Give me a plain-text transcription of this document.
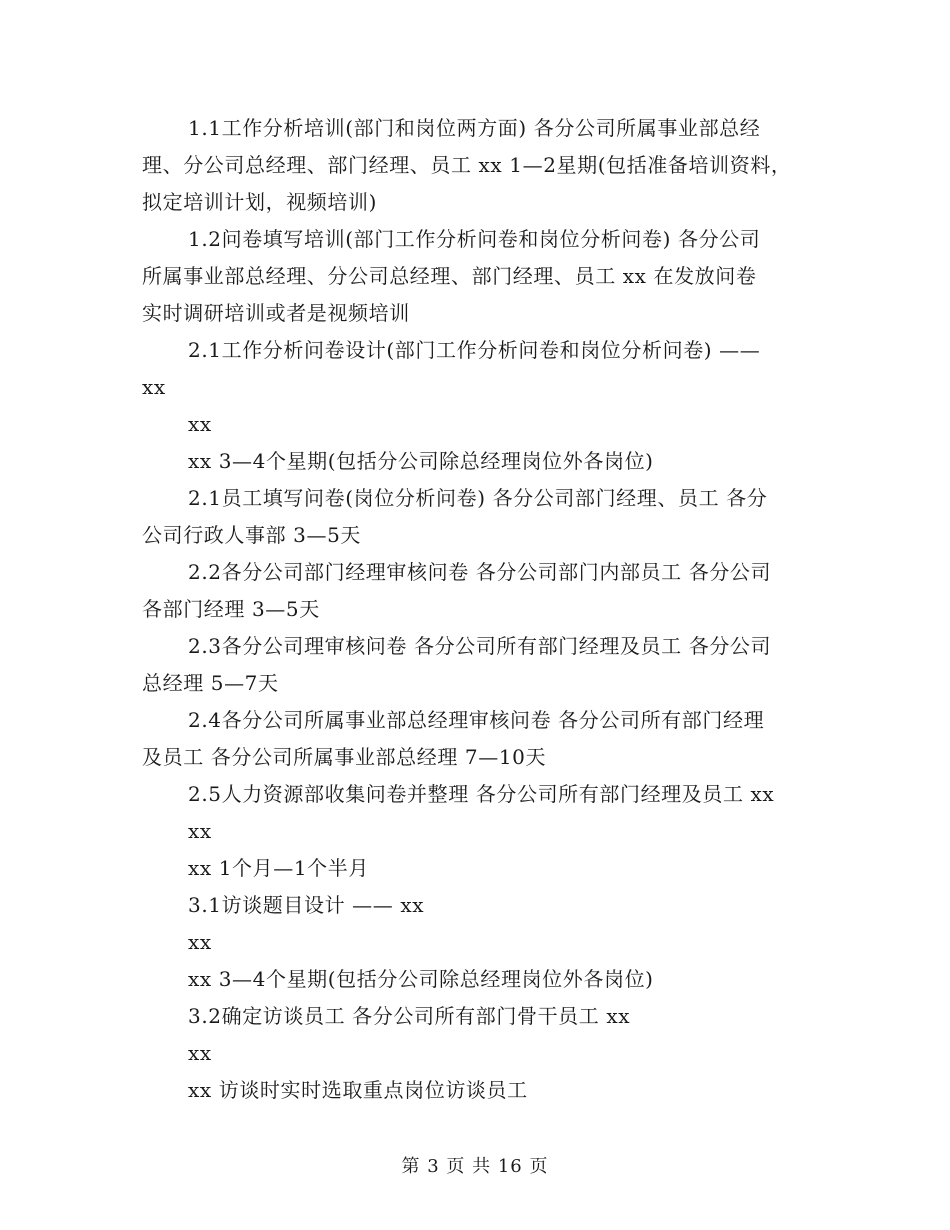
1.1工作分析培训(部门和岗位两方面) 各分公司所属事业部总经
理、分公司总经理、部门经理、员工 xx 1—2星期(包括准备培训资料，
拟定培训计划，视频培训)
1.2问卷填写培训(部门工作分析问卷和岗位分析问卷) 各分公司
所属事业部总经理、分公司总经理、部门经理、员工 xx 在发放问卷
实时调研培训或者是视频培训
2.1工作分析问卷设计(部门工作分析问卷和岗位分析问卷) ——
xx
xx
xx 3—4个星期(包括分公司除总经理岗位外各岗位)
2.1员工填写问卷(岗位分析问卷) 各分公司部门经理、员工 各分
公司行政人事部 3—5天
2.2各分公司部门经理审核问卷 各分公司部门内部员工 各分公司
各部门经理 3—5天
2.3各分公司理审核问卷 各分公司所有部门经理及员工 各分公司
总经理 5—7天
2.4各分公司所属事业部总经理审核问卷 各分公司所有部门经理
及员工 各分公司所属事业部总经理 7—10天
2.5人力资源部收集问卷并整理 各分公司所有部门经理及员工 xx
xx
xx 1个月—1个半月
3.1访谈题目设计 —— xx
xx
xx 3—4个星期(包括分公司除总经理岗位外各岗位)
3.2确定访谈员工 各分公司所有部门骨干员工 xx
xx
xx 访谈时实时选取重点岗位访谈员工
第 3 页 共 16 页
